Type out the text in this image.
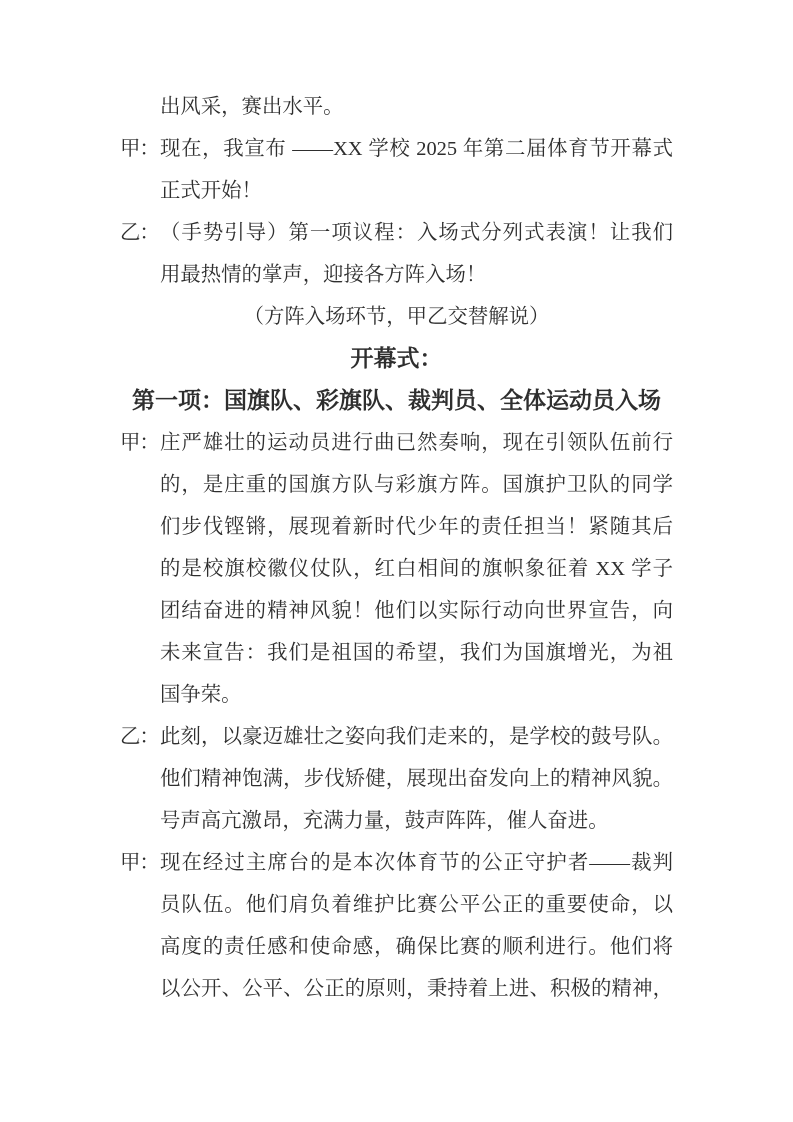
出风采，赛出水平。
甲： 现在，我宣布 ——XX 学校 2025 年第二届体育节开幕式
正式开始！
乙： （手势引导）第一项议程：入场式分列式表演！让我们
用最热情的掌声，迎接各方阵入场！
（方阵入场环节，甲乙交替解说）
开幕式：
第一项：国旗队、彩旗队、裁判员、全体运动员入场
甲： 庄严雄壮的运动员进行曲已然奏响，现在引领队伍前行
的，是庄重的国旗方队与彩旗方阵。国旗护卫队的同学
们步伐铿锵，展现着新时代少年的责任担当！紧随其后
的是校旗校徽仪仗队，红白相间的旗帜象征着 XX 学子
团结奋进的精神风貌！他们以实际行动向世界宣告，向
未来宣告：我们是祖国的希望，我们为国旗增光，为祖
国争荣。
乙： 此刻，以豪迈雄壮之姿向我们走来的，是学校的鼓号队。
他们精神饱满，步伐矫健，展现出奋发向上的精神风貌。
号声高亢激昂，充满力量，鼓声阵阵，催人奋进。
甲： 现在经过主席台的是本次体育节的公正守护者——裁判
员队伍。他们肩负着维护比赛公平公正的重要使命，以
高度的责任感和使命感，确保比赛的顺利进行。他们将
以公开、公平、公正的原则，秉持着上进、积极的精神，
